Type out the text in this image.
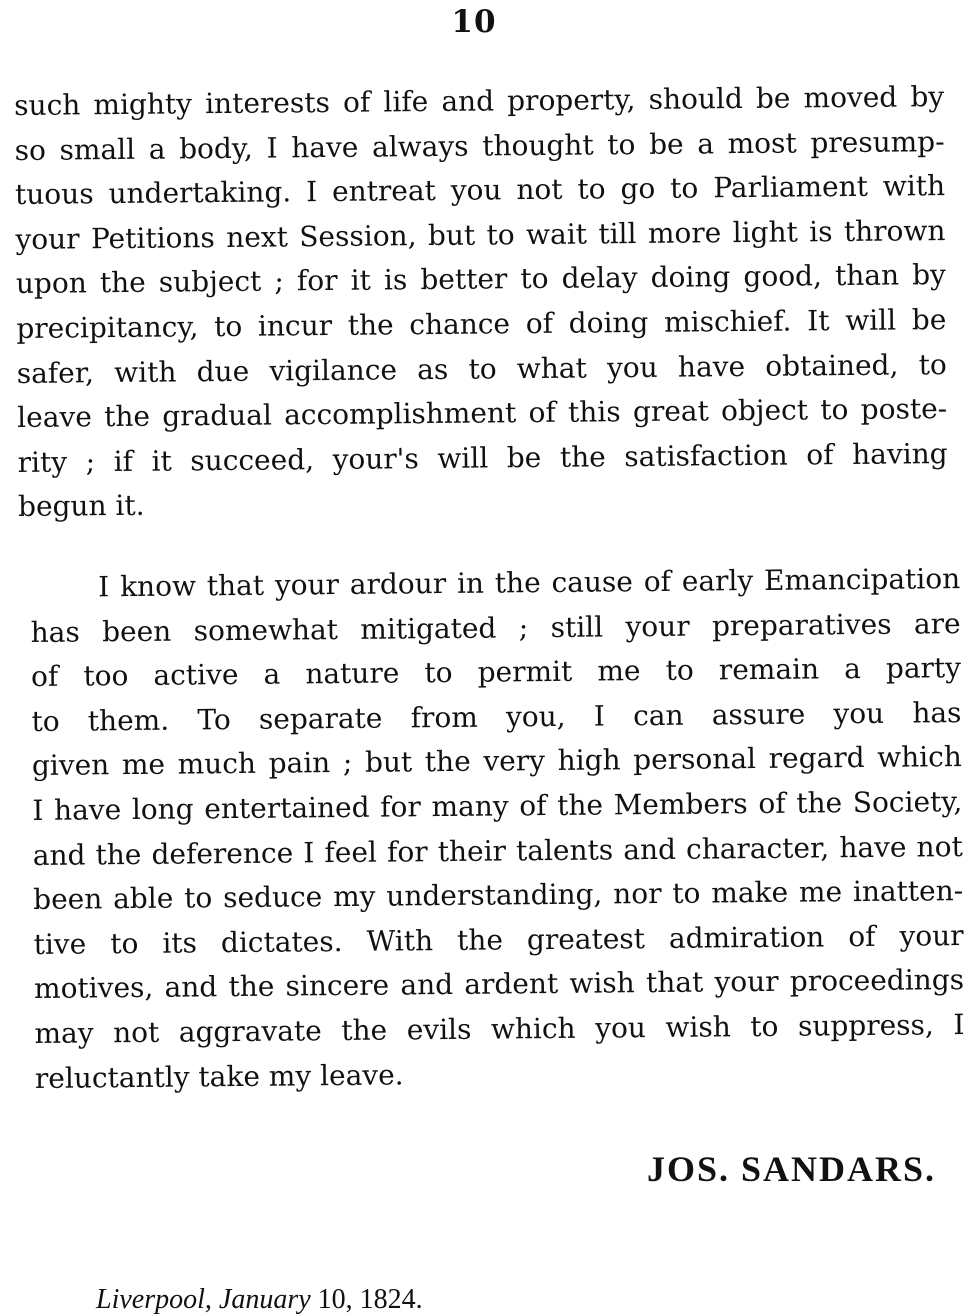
10

such mighty interests of life and property, should be moved by
so small a body, I have always thought to be a most presump-
tuous undertaking. I entreat you not to go to Parliament with
your Petitions next Session, but to wait till more light is thrown
upon the subject ; for it is better to delay doing good, than by
precipitancy, to incur the chance of doing mischief. It will be
safer, with due vigilance as to what you have obtained, to
leave the gradual accomplishment of this great object to poste-
rity ; if it succeed, your's will be the satisfaction of having
begun it.

I know that your ardour in the cause of early Emancipation
has been somewhat mitigated ; still your preparatives are
of too active a nature to permit me to remain a party
to them. To separate from you, I can assure you has
given me much pain ; but the very high personal regard which
I have long entertained for many of the Members of the Society,
and the deference I feel for their talents and character, have not
been able to seduce my understanding, nor to make me inatten-
tive to its dictates. With the greatest admiration of your
motives, and the sincere and ardent wish that your proceedings
may not aggravate the evils which you wish to suppress, I
reluctantly take my leave.

JOS. SANDARS.
Liverpool, January 10, 1824.
